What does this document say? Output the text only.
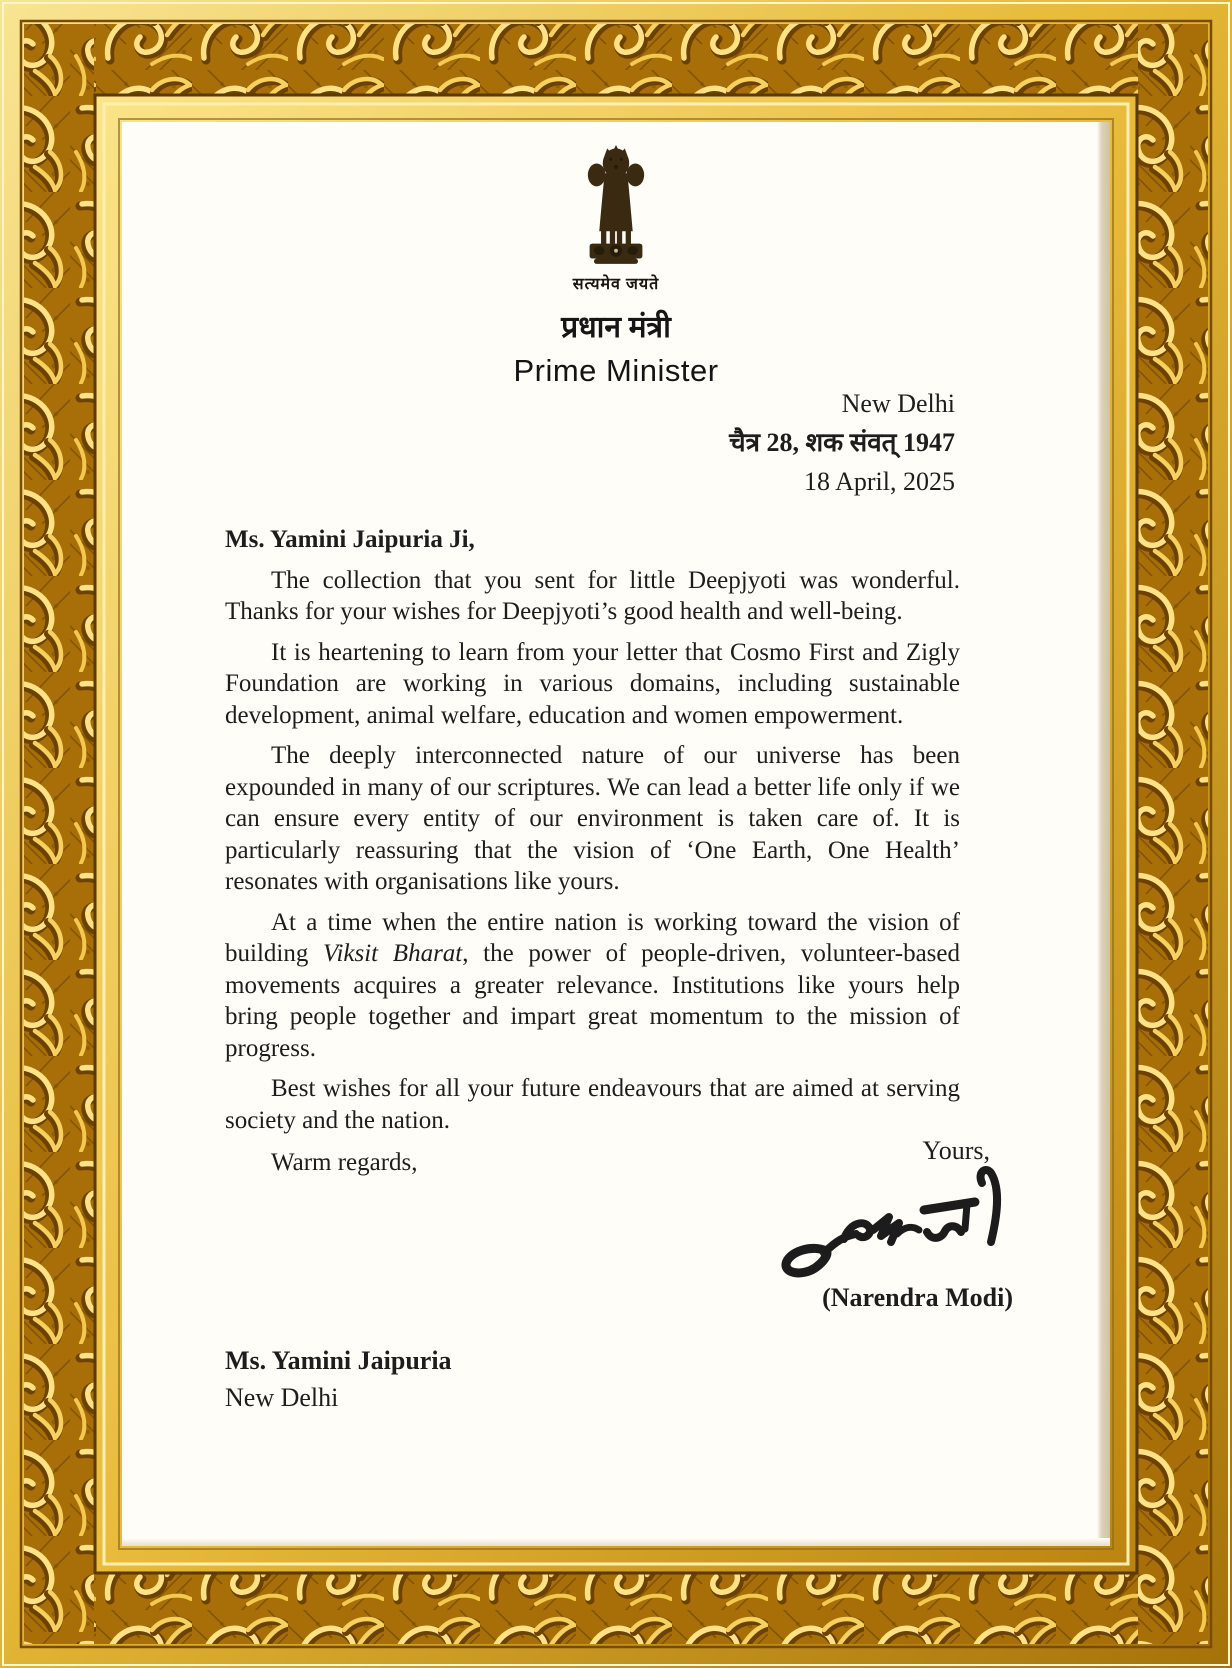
सत्यमेव जयते
प्रधान मंत्री
Prime Minister
New Delhi
चैत्र 28, शक संवत् 1947
18 April, 2025
Ms. Yamini Jaipuria Ji,

The collection that you sent for little Deepjyoti was wonderful. Thanks for your wishes for Deepjyoti’s good health and well-being.

It is heartening to learn from your letter that Cosmo First and Zigly Foundation are working in various domains, including sustainable development, animal welfare, education and women empowerment.

The deeply interconnected nature of our universe has been expounded in many of our scriptures. We can lead a better life only if we can ensure every entity of our environment is taken care of. It is particularly reassuring that the vision of ‘One Earth, One Health’ resonates with organisations like yours.

At a time when the entire nation is working toward the vision of building Viksit Bharat, the power of people-driven, volunteer-based movements acquires a greater relevance. Institutions like yours help bring people together and impart great momentum to the mission of progress.

Best wishes for all your future endeavours that are aimed at serving society and the nation.

Warm regards,	Yours,
(Narendra Modi)
Ms. Yamini Jaipuria
New Delhi
